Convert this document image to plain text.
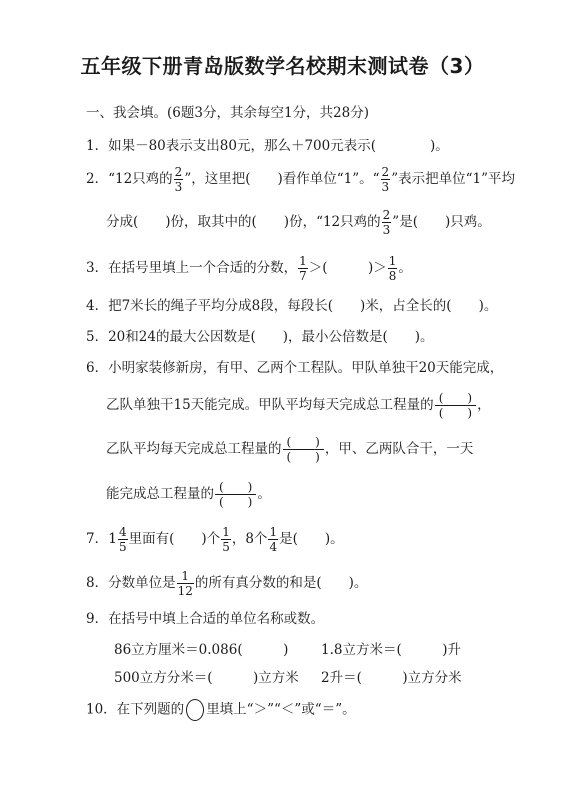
五年级下册青岛版数学名校期末测试卷（3）
一、我会填。(6题3分，其余每空1分，共28分)
1．如果－80表示支出80元，那么＋700元表示(　　　　)。
2．“12只鸡的 $\frac{2}{3}$ ”，这里把(　　)看作单位“1”。“ $\frac{2}{3}$ ”表示把单位“1”平均
分成(　　)份，取其中的(　　)份，“12只鸡的 $\frac{2}{3}$ ”是(　　)只鸡。
3．在括号里填上一个合适的分数， $\frac{1}{7}$ ＞(　　　)＞ $\frac{1}{8}$ 。
4．把7米长的绳子平均分成8段，每段长(　　)米，占全长的(　　)。
5．20和24的最大公因数是(　　)，最小公倍数是(　　)。
6．小明家装修新房，有甲、乙两个工程队。甲队单独干20天能完成，
乙队单独干15天能完成。甲队平均每天完成总工程量的 $\frac{( )}{( )}$ ，
乙队平均每天完成总工程量的 $\frac{( )}{( )}$ ，甲、乙两队合干，一天
能完成总工程量的 $\frac{( )}{( )}$ 。
7．$1 \frac{4}{5}$ 里面有(　　)个 $\frac{1}{5}$ ，8个 $\frac{1}{4}$ 是(　　)。
8．分数单位是 $\frac{1}{12}$ 的所有真分数的和是(　　)。
9．在括号中填上合适的单位名称或数。
86立方厘米＝0.086(　　　) 1.8立方米＝(　　　)升
500立方分米＝(　　　)立方米 2升＝(　　　)立方分米
10．在下列题的 里填上“＞”“＜”或“＝”。
